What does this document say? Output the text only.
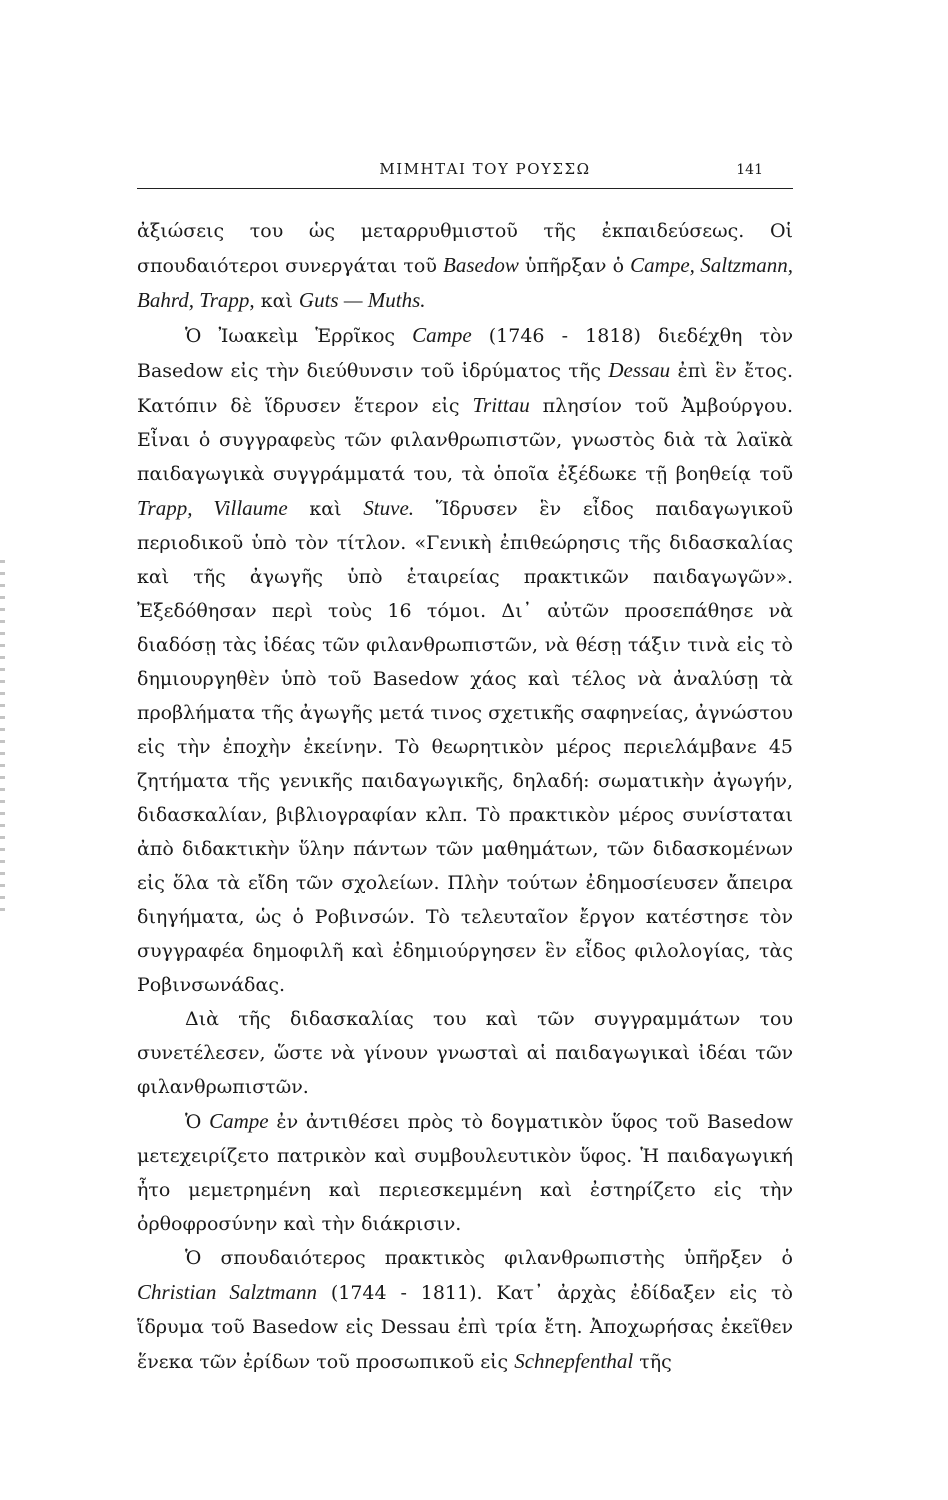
ΜΙΜΗΤΑΙ ΤΟΥ ΡΟΥΣΣΩ	141

ἀξιώσεις του ὡς μεταρρυθμιστοῦ τῆς ἐκπαιδεύσεως. Οἱ σπουδαιότεροι συνεργάται τοῦ Basedow ὑπῆρξαν ὁ Campe, Saltzmann, Bahrd, Trapp, καὶ Guts — Muths.

Ὁ Ἰωακεὶμ Ἑρρῖκος Campe (1746 - 1818) διεδέχθη τὸν Basedow εἰς τὴν διεύθυνσιν τοῦ ἱδρύματος τῆς Dessau ἐπὶ ἓν ἔτος. Κατόπιν δὲ ἵδρυσεν ἕτερον εἰς Trittau πλησίον τοῦ Ἀμβούργου. Εἶναι ὁ συγγραφεὺς τῶν φιλανθρωπιστῶν, γνωστὸς διὰ τὰ λαϊκὰ παιδαγωγικὰ συγγράμματά του, τὰ ὁποῖα ἐξέδωκε τῇ βοηθείᾳ τοῦ Trapp, Villaume καὶ Stuve. Ἵδρυσεν ἓν εἶδος παιδαγωγικοῦ περιοδικοῦ ὑπὸ τὸν τίτλον. «Γενικὴ ἐπιθεώρησις τῆς διδασκαλίας καὶ τῆς ἀγωγῆς ὑπὸ ἑταιρείας πρακτικῶν παιδαγωγῶν». Ἐξεδόθησαν περὶ τοὺς 16 τόμοι. Δι᾽ αὐτῶν προσεπάθησε νὰ διαδόσῃ τὰς ἰδέας τῶν φιλανθρωπιστῶν, νὰ θέσῃ τάξιν τινὰ εἰς τὸ δημιουργηθὲν ὑπὸ τοῦ Basedow χάος καὶ τέλος νὰ ἀναλύσῃ τὰ προβλήματα τῆς ἀγωγῆς μετά τινος σχετικῆς σαφηνείας, ἀγνώστου εἰς τὴν ἐποχὴν ἐκείνην. Τὸ θεωρητικὸν μέρος περιελάμβανε 45 ζητήματα τῆς γενικῆς παιδαγωγικῆς, δηλαδή: σωματικὴν ἀγωγήν, διδασκαλίαν, βιβλιογραφίαν κλπ. Τὸ πρακτικὸν μέρος συνίσταται ἀπὸ διδακτικὴν ὕλην πάντων τῶν μαθημάτων, τῶν διδασκομένων εἰς ὅλα τὰ εἴδη τῶν σχολείων. Πλὴν τούτων ἐδημοσίευσεν ἄπειρα διηγήματα, ὡς ὁ Ροβινσών. Τὸ τελευταῖον ἔργον κατέστησε τὸν συγγραφέα δημοφιλῆ καὶ ἐδημιούργησεν ἓν εἶδος φιλολογίας, τὰς Ροβινσωνάδας.

Διὰ τῆς διδασκαλίας του καὶ τῶν συγγραμμάτων του συνετέλεσεν, ὥστε νὰ γίνουν γνωσταὶ αἱ παιδαγωγικαὶ ἰδέαι τῶν φιλανθρωπιστῶν.

Ὁ Campe ἐν ἀντιθέσει πρὸς τὸ δογματικὸν ὕφος τοῦ Basedow μετεχειρίζετο πατρικὸν καὶ συμβουλευτικὸν ὕφος. Ἡ παιδαγωγική ἦτο μεμετρημένη καὶ περιεσκεμμένη καὶ ἐστηρίζετο εἰς τὴν ὀρθοφροσύνην καὶ τὴν διάκρισιν.

Ὁ σπουδαιότερος πρακτικὸς φιλανθρωπιστὴς ὑπῆρξεν ὁ Christian Salztmann (1744 - 1811). Κατ᾽ ἀρχὰς ἐδίδαξεν εἰς τὸ ἵδρυμα τοῦ Basedow εἰς Dessau ἐπὶ τρία ἔτη. Ἀποχωρήσας ἐκεῖθεν ἕνεκα τῶν ἐρίδων τοῦ προσωπικοῦ εἰς Schnepfenthal τῆς
